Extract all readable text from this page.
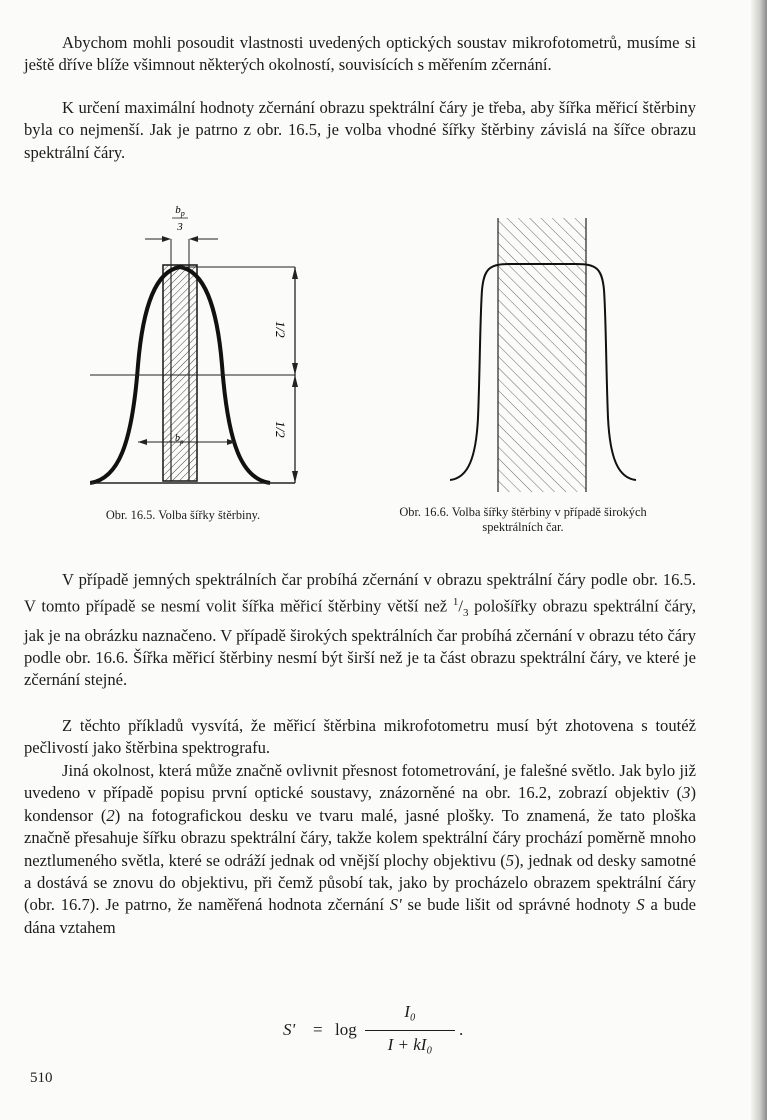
Abychom mohli posoudit vlastnosti uvedených optických soustav mikrofotometrů, musíme si ještě dříve blíže všimnout některých okolností, souvisících s měřením zčernání.

K určení maximální hodnoty zčernání obrazu spektrální čáry je třeba, aby šířka měřicí štěrbiny byla co nejmenší. Jak je patrno z obr. 16.5, je volba vhodné šířky štěrbiny závislá na šířce obrazu spektrální čáry.

$b_p$
3
$b_p$
1/2
1/2
Obr. 16.5. Volba šířky štěrbiny.	Obr. 16.6. Volba šířky štěrbiny v případě širokých spektrálních čar.

V případě jemných spektrálních čar probíhá zčernání v obrazu spektrální čáry podle obr. 16.5. V tomto případě se nesmí volit šířka měřicí štěrbiny větší než $^1/_3$ pološířky obrazu spektrální čáry, jak je na obrázku naznačeno. V případě širokých spektrálních čar probíhá zčernání v obrazu této čáry podle obr. 16.6. Šířka měřicí štěrbiny nesmí být širší než je ta část obrazu spektrální čáry, ve které je zčernání stejné.

Z těchto příkladů vysvítá, že měřicí štěrbina mikrofotometru musí být zhotovena s toutéž pečlivostí jako štěrbina spektrografu.

Jiná okolnost, která může značně ovlivnit přesnost fotometrování, je falešné světlo. Jak bylo již uvedeno v případě popisu první optické soustavy, znázorněné na obr. 16.2, zobrazí objektiv (3) kondensor (2) na fotografickou desku ve tvaru malé, jasné plošky. To znamená, že tato ploška značně přesahuje šířku obrazu spektrální čáry, takže kolem spektrální čáry prochází poměrně mnoho neztlumeného světla, které se odráží jednak od vnější plochy objektivu (5), jednak od desky samotné a dostává se znovu do objektivu, při čemž působí tak, jako by procházelo obrazem spektrální čáry (obr. 16.7). Je patrno, že naměřená hodnota zčernání S' se bude lišit od správné hodnoty S a bude dána vztahem

S' = log
I₀
I + kI₀
.
510
